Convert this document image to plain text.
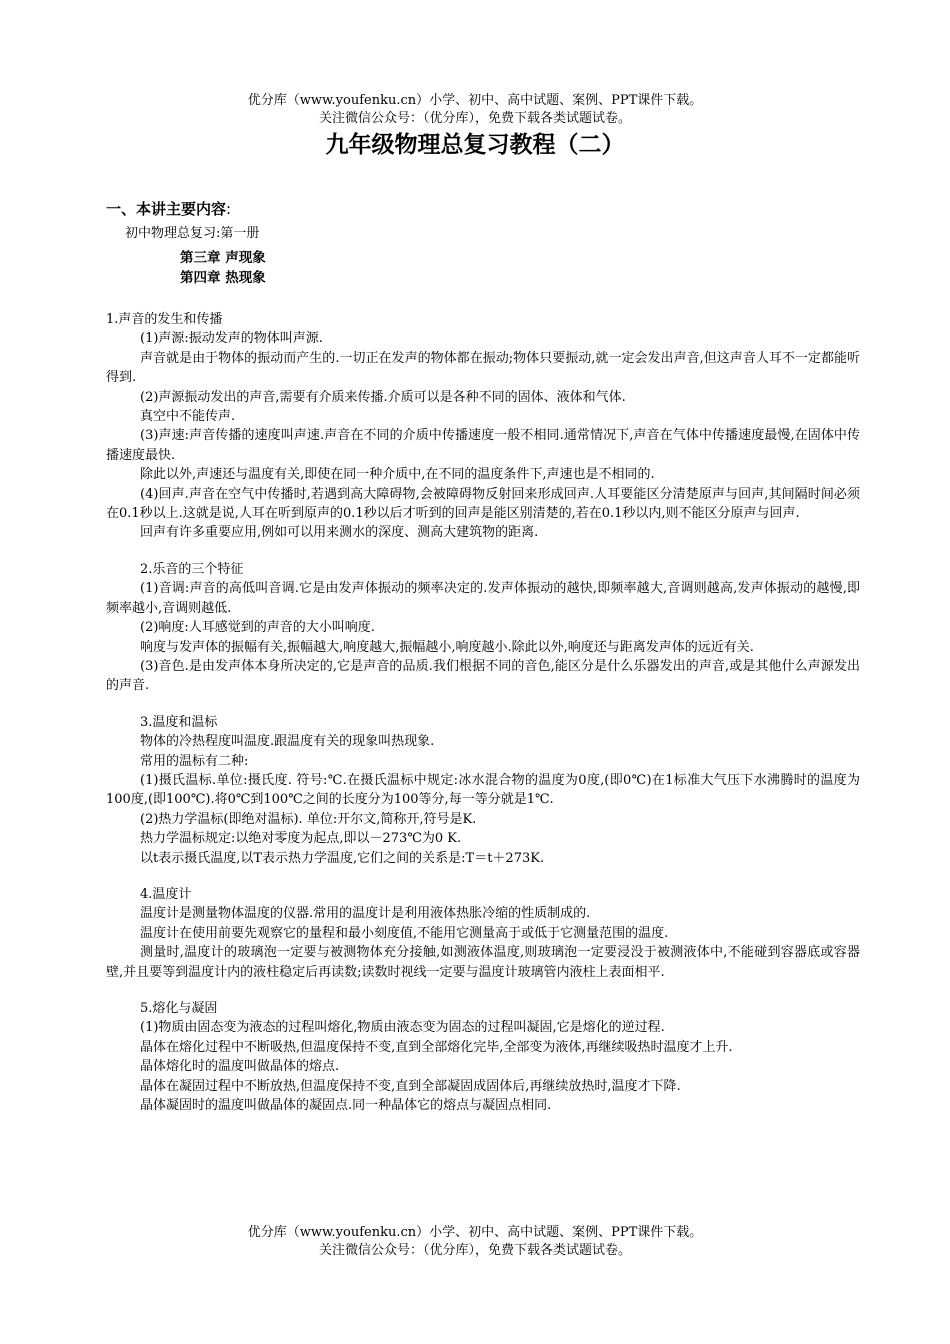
优分库（www.youfenku.cn）小学、初中、高中试题、案例、PPT课件下载。
关注微信公众号：（优分库），免费下载各类试题试卷。
九年级物理总复习教程（二）
一、本讲主要内容:
初中物理总复习:第一册
第三章 声现象
第四章 热现象

1.声音的发生和传播

(1)声源:振动发声的物体叫声源.

声音就是由于物体的振动而产生的.一切正在发声的物体都在振动;物体只要振动,就一定会发出声音,但这声音人耳不一定都能听得到.

(2)声源振动发出的声音,需要有介质来传播.介质可以是各种不同的固体、液体和气体.

真空中不能传声.

(3)声速:声音传播的速度叫声速.声音在不同的介质中传播速度一般不相同.通常情况下,声音在气体中传播速度最慢,在固体中传播速度最快.

除此以外,声速还与温度有关,即使在同一种介质中,在不同的温度条件下,声速也是不相同的.

(4)回声.声音在空气中传播时,若遇到高大障碍物,会被障碍物反射回来形成回声.人耳要能区分清楚原声与回声,其间隔时间必须在0.1秒以上.这就是说,人耳在听到原声的0.1秒以后才听到的回声是能区别清楚的,若在0.1秒以内,则不能区分原声与回声.

回声有许多重要应用,例如可以用来测水的深度、测高大建筑物的距离.

2.乐音的三个特征

(1)音调:声音的高低叫音调.它是由发声体振动的频率决定的.发声体振动的越快,即频率越大,音调则越高,发声体振动的越慢,即频率越小,音调则越低.

(2)响度:人耳感觉到的声音的大小叫响度.

响度与发声体的振幅有关,振幅越大,响度越大,振幅越小,响度越小.除此以外,响度还与距离发声体的远近有关.

(3)音色.是由发声体本身所决定的,它是声音的品质.我们根据不同的音色,能区分是什么乐器发出的声音,或是其他什么声源发出的声音.

3.温度和温标

物体的冷热程度叫温度.跟温度有关的现象叫热现象.

常用的温标有二种:

(1)摄氏温标.单位:摄氏度. 符号:℃.在摄氏温标中规定:冰水混合物的温度为0度,(即0℃)在1标准大气压下水沸腾时的温度为100度,(即100℃).将0℃到100℃之间的长度分为100等分,每一等分就是1℃.

(2)热力学温标(即绝对温标). 单位:开尔文,简称开,符号是K.

热力学温标规定:以绝对零度为起点,即以－273℃为0 K.

以t表示摄氏温度,以T表示热力学温度,它们之间的关系是:T＝t＋273K.

4.温度计

温度计是测量物体温度的仪器.常用的温度计是利用液体热胀冷缩的性质制成的.

温度计在使用前要先观察它的量程和最小刻度值,不能用它测量高于或低于它测量范围的温度.

测量时,温度计的玻璃泡一定要与被测物体充分接触,如测液体温度,则玻璃泡一定要浸没于被测液体中,不能碰到容器底或容器壁,并且要等到温度计内的液柱稳定后再读数;读数时视线一定要与温度计玻璃管内液柱上表面相平.

5.熔化与凝固

(1)物质由固态变为液态的过程叫熔化,物质由液态变为固态的过程叫凝固,它是熔化的逆过程.

晶体在熔化过程中不断吸热,但温度保持不变,直到全部熔化完毕,全部变为液体,再继续吸热时温度才上升.

晶体熔化时的温度叫做晶体的熔点.

晶体在凝固过程中不断放热,但温度保持不变,直到全部凝固成固体后,再继续放热时,温度才下降.

晶体凝固时的温度叫做晶体的凝固点.同一种晶体它的熔点与凝固点相同.

优分库（www.youfenku.cn）小学、初中、高中试题、案例、PPT课件下载。
关注微信公众号：（优分库），免费下载各类试题试卷。
